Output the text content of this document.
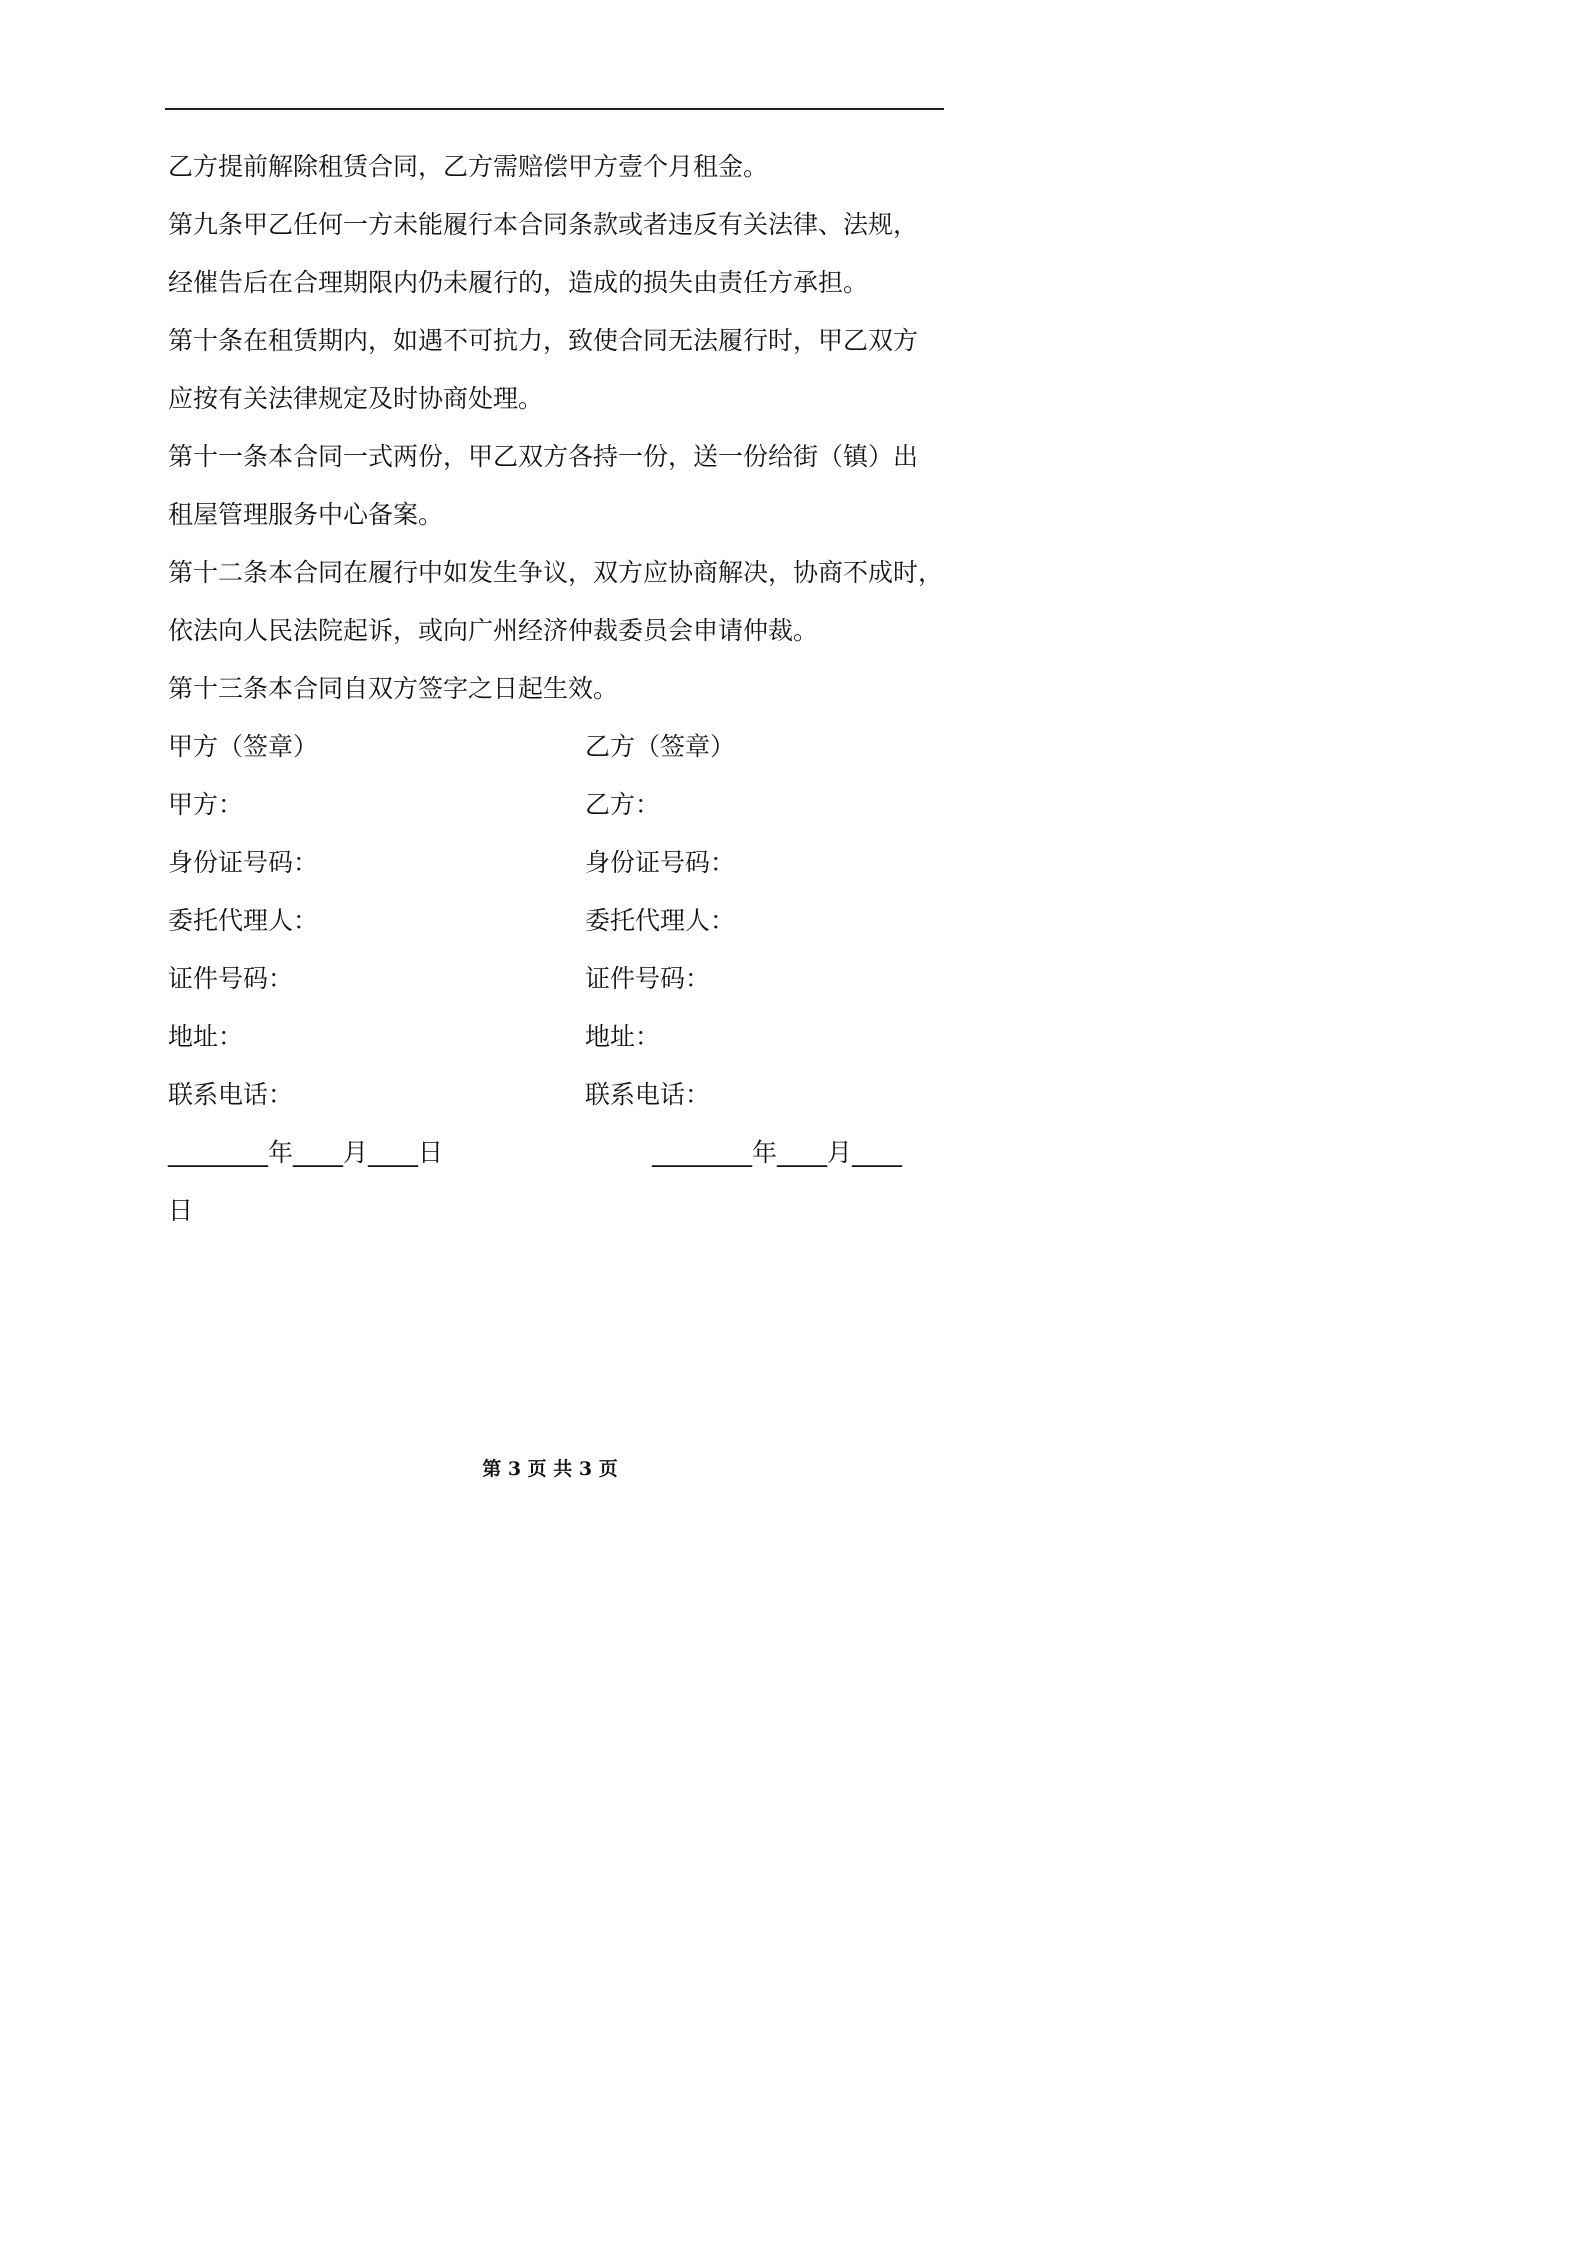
乙方提前解除租赁合同，乙方需赔偿甲方壹个月租金。
第九条甲乙任何一方未能履行本合同条款或者违反有关法律、法规，
经催告后在合理期限内仍未履行的，造成的损失由责任方承担。
第十条在租赁期内，如遇不可抗力，致使合同无法履行时，甲乙双方
应按有关法律规定及时协商处理。
第十一条本合同一式两份，甲乙双方各持一份，送一份给街（镇）出
租屋管理服务中心备案。
第十二条本合同在履行中如发生争议，双方应协商解决，协商不成时，
依法向人民法院起诉，或向广州经济仲裁委员会申请仲裁。
第十三条本合同自双方签字之日起生效。
甲方（签章）	乙方（签章）
甲方：	乙方：
身份证号码：	身份证号码：
委托代理人：	委托代理人：
证件号码：	证件号码：
地址：	地址：
联系电话：	联系电话：
________年____月____日	________年____月____
日
第 3 页 共 3 页
